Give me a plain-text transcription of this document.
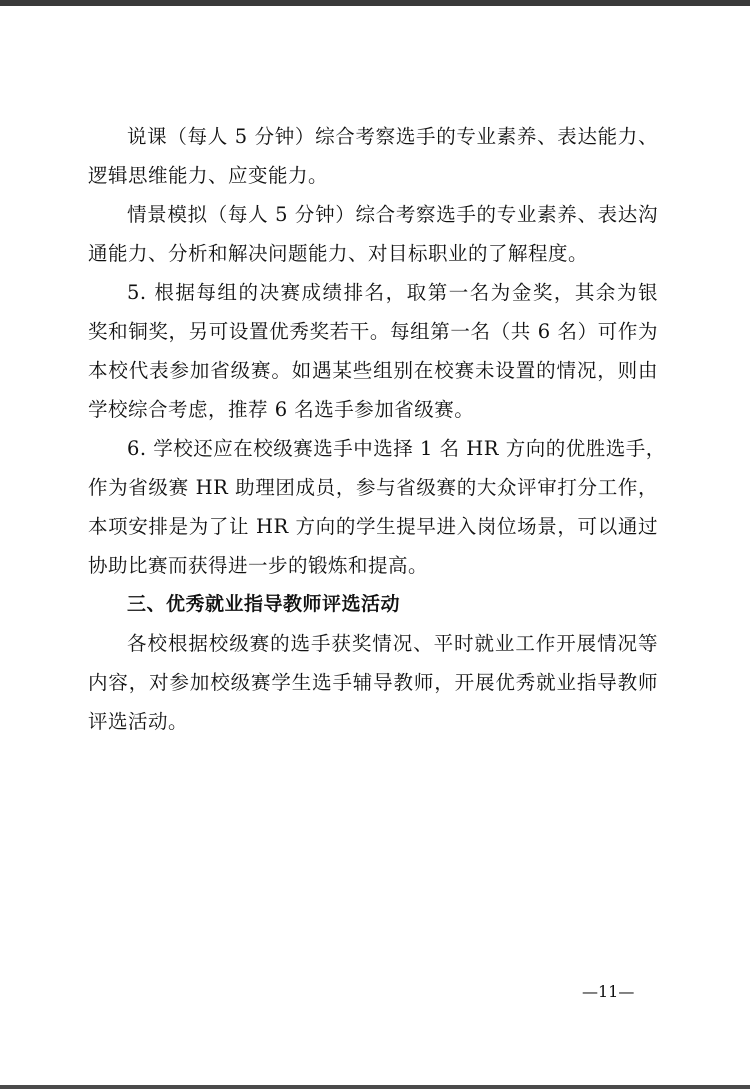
说课（每人 5 分钟）综合考察选手的专业素养、表达能力、
逻辑思维能力、应变能力。
情景模拟（每人 5 分钟）综合考察选手的专业素养、表达沟
通能力、分析和解决问题能力、对目标职业的了解程度。
5. 根据每组的决赛成绩排名，取第一名为金奖，其余为银
奖和铜奖，另可设置优秀奖若干。每组第一名（共 6 名）可作为
本校代表参加省级赛。如遇某些组别在校赛未设置的情况，则由
学校综合考虑，推荐 6 名选手参加省级赛。
6. 学校还应在校级赛选手中选择 1 名 HR 方向的优胜选手，
作为省级赛 HR 助理团成员，参与省级赛的大众评审打分工作，
本项安排是为了让 HR 方向的学生提早进入岗位场景，可以通过
协助比赛而获得进一步的锻炼和提高。
三、优秀就业指导教师评选活动
各校根据校级赛的选手获奖情况、平时就业工作开展情况等
内容，对参加校级赛学生选手辅导教师，开展优秀就业指导教师
评选活动。
—11—
